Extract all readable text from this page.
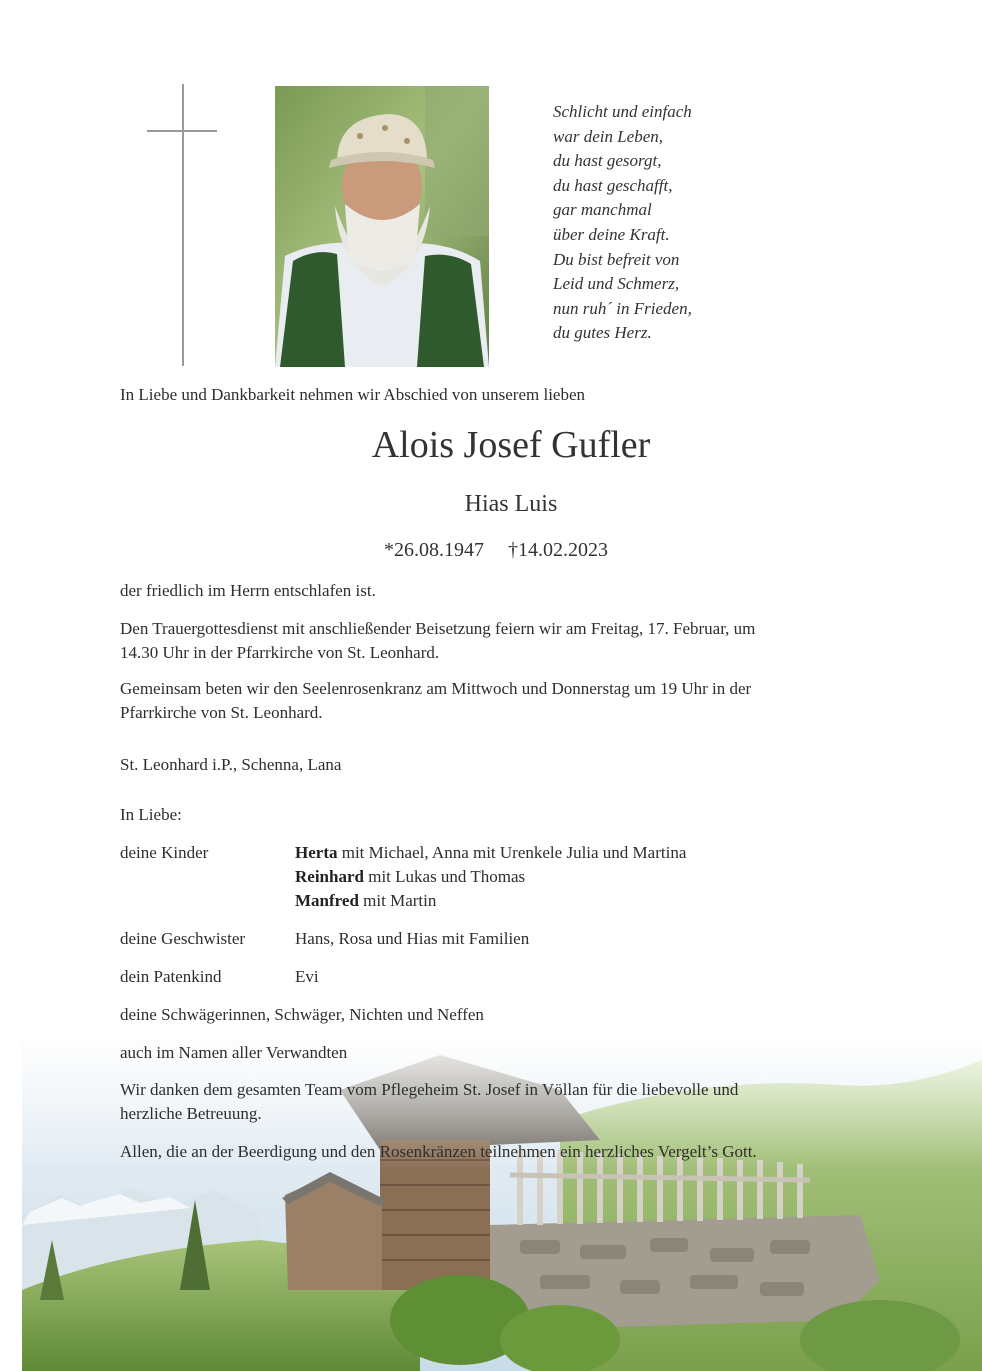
Schlicht und einfach
war dein Leben,
du hast gesorgt,
du hast geschafft,
gar manchmal
über deine Kraft.
Du bist befreit von
Leid und Schmerz,
nun ruh´ in Frieden,
du gutes Herz.
In Liebe und Dankbarkeit nehmen wir Abschied von unserem lieben
Alois Josef Gufler
Hias Luis
*26.08.1947 †14.02.2023
der friedlich im Herrn entschlafen ist.
Den Trauergottesdienst mit anschließender Beisetzung feiern wir am Freitag, 17. Februar, um
14.30 Uhr in der Pfarrkirche von St. Leonhard.
Gemeinsam beten wir den Seelenrosenkranz am Mittwoch und Donnerstag um 19 Uhr in der
Pfarrkirche von St. Leonhard.
St. Leonhard i.P., Schenna, Lana
In Liebe:
deine Kinder	Herta mit Michael, Anna mit Urenkele Julia und Martina
Reinhard mit Lukas und Thomas
Manfred mit Martin
deine Geschwister	Hans, Rosa und Hias mit Familien
dein Patenkind	Evi
deine Schwägerinnen, Schwäger, Nichten und Neffen
auch im Namen aller Verwandten
Wir danken dem gesamten Team vom Pflegeheim St. Josef in Völlan für die liebevolle und
herzliche Betreuung.
Allen, die an der Beerdigung und den Rosenkränzen teilnehmen ein herzliches Vergelt’s Gott.
